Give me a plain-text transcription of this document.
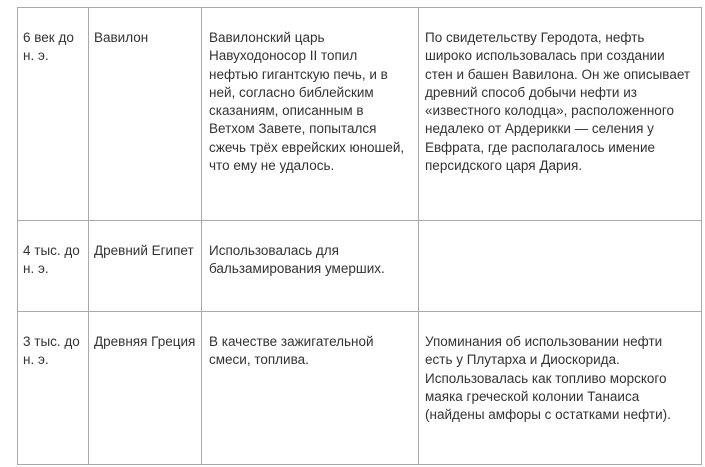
6 век до н. э.	Вавилон	Вавилонский царь Навуходоносор II топил нефтью гигантскую печь, и в ней, согласно библейским сказаниям, описанным в Ветхом Завете, попытался сжечь трёх еврейских юношей, что ему не удалось.	По свидетельству Геродота, нефть широко использовалась при создании стен и башен Вавилона. Он же описывает древний способ добычи нефти из «известного колодца», расположенного недалеко от Ардерикки — селения у Евфрата, где располагалось имение персидского царя Дария.
4 тыс. до н. э.	Древний Египет	Использовалась для бальзамирования умерших.	
3 тыс. до н. э.	Древняя Греция	В качестве зажигательной смеси, топлива.	Упоминания об использовании нефти есть у Плутарха и Диоскорида. Использовалась как топливо морского маяка греческой колонии Танаиса (найдены амфоры с остатками нефти).
